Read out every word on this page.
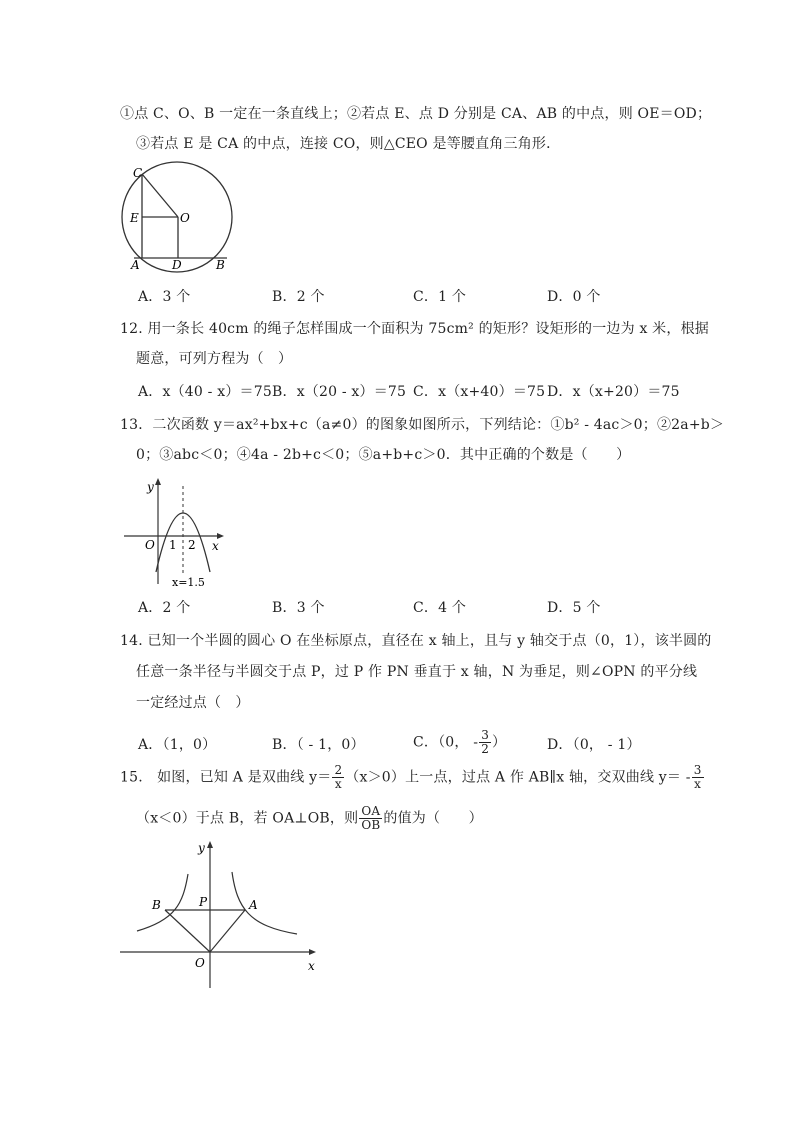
①点 C、O、B 一定在一条直线上；②若点 E、点 D 分别是 CA、AB 的中点，则 OE＝OD；
③若点 E 是 CA 的中点，连接 CO，则△CEO 是等腰直角三角形．
C
E	O
A	D	B
A．3 个	B．2 个	C．1 个	D．0 个
12. 用一条长 40cm 的绳子怎样围成一个面积为 75cm² 的矩形？设矩形的一边为 x 米，根据
题意，可列方程为（　）
A．x（40 - x）＝75 B．x（20 - x）＝75 C．x（x+40）＝75 D．x（x+20）＝75
13．二次函数 y＝ax²+bx+c（a≠0）的图象如图所示，下列结论：①b² - 4ac＞0；②2a+b＞
0；③abc＜0；④4a - 2b+c＜0；⑤a+b+c＞0．其中正确的个数是（　　）
y
x
O 1 2
x=1.5
A．2 个	B．3 个	C．4 个	D．5 个
14. 已知一个半圆的圆心 O 在坐标原点，直径在 x 轴上，且与 y 轴交于点（0，1），该半圆的
任意一条半径与半圆交于点 P，过 P 作 PN 垂直于 x 轴，N 为垂足，则∠OPN 的平分线
一定经过点（　）
A．（1，0）	B．（ - 1，0）	C．（0， - $\frac{3}{2}$ ）	D．（0， - 1）
15.　如图，已知 A 是双曲线 $y= \frac{2}{x} (x>0)$上一点，过点 A 作 AB∥x 轴，交双曲线 $y= - \frac{3}{x}$
（x＜0）于点 B，若 OA⊥OB，则 $\frac{OA}{OB}$ 的值为（　　）
y
x
O
B	P	A
